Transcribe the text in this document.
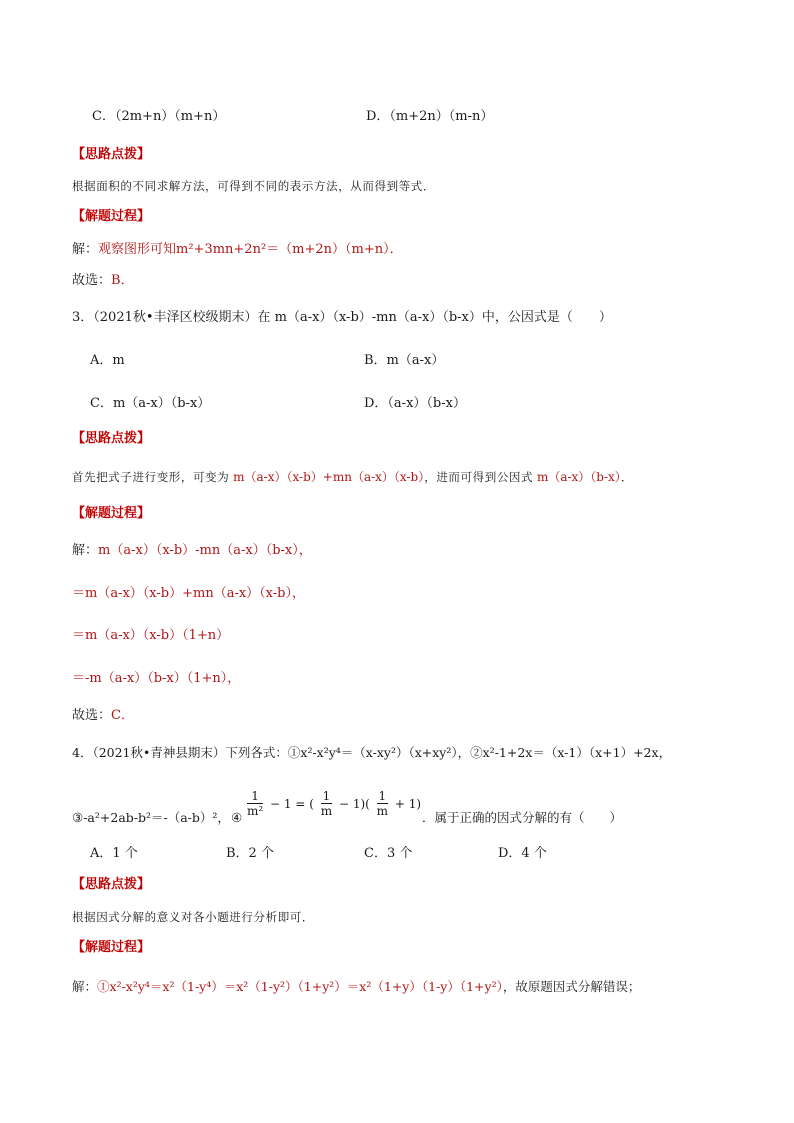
C．（2m+n）（m+n）	D．（m+2n）（m-n）
【思路点拨】
根据面积的不同求解方法，可得到不同的表示方法，从而得到等式．
【解题过程】
解：观察图形可知m²+3mn+2n²＝（m+2n）（m+n）．
故选：B．
3．（2021秋•丰泽区校级期末）在 m（a-x）（x-b）-mn（a-x）（b-x）中，公因式是（　　）
A．m	B．m（a-x）
C．m（a-x）（b-x）	D．（a-x）（b-x）
【思路点拨】
首先把式子进行变形，可变为 m（a-x）（x-b）+mn（a-x）（x-b），进而可得到公因式 m（a-x）（b-x）．
【解题过程】
解：m（a-x）（x-b）-mn（a-x）（b-x），
＝m（a-x）（x-b）+mn（a-x）（x-b），
＝m（a-x）（x-b）（1+n）
＝-m（a-x）（b-x）（1+n），
故选：C．
4．（2021秋•青神县期末）下列各式：①x²-x²y⁴＝（x-xy²）（x+xy²），②x²-1+2x＝（x-1）（x+1）+2x，
③-a²+2ab-b²＝-（a-b）²， ④ $\frac{1}{\text{m²}} - 1$ = ( $\frac{1}{m} - 1)( \frac{1}{m} + 1)$
．属于正确的因式分解的有（　　）
A．1 个	B．2 个	C．3 个	D．4 个
【思路点拨】
根据因式分解的意义对各小题进行分析即可．
【解题过程】
解：①x²-x²y⁴＝x²（1-y⁴）＝x²（1-y²）（1+y²）＝x²（1+y）（1-y）（1+y²），故原题因式分解错误；
